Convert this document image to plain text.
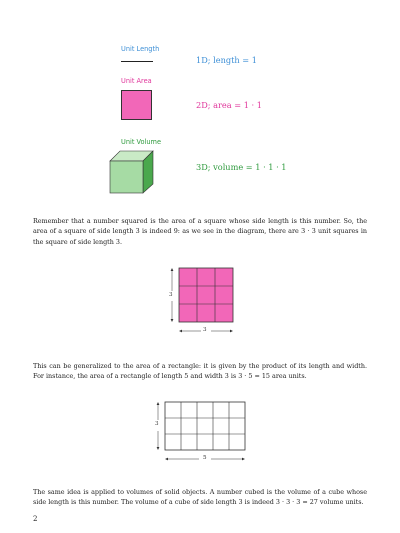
Unit Length
1D; length = 1
Unit Area
2D; area = 1 · 1
Unit Volume
3D; volume = 1 · 1 · 1
Remember that a number squared is the area of a square whose side length is this number. So, the area of a square of side length 3 is indeed 9: as we see in the diagram, there are 3 · 3 unit squares in the square of side length 3.
3
3
This can be generalized to the area of a rectangle: it is given by the product of its length and width. For instance, the area of a rectangle of length 5 and width 3 is 3 · 5 = 15 area units.
3
5
The same idea is applied to volumes of solid objects. A number cubed is the volume of a cube whose side length is this number. The volume of a cube of side length 3 is indeed 3 · 3 · 3 = 27 volume units.
2
